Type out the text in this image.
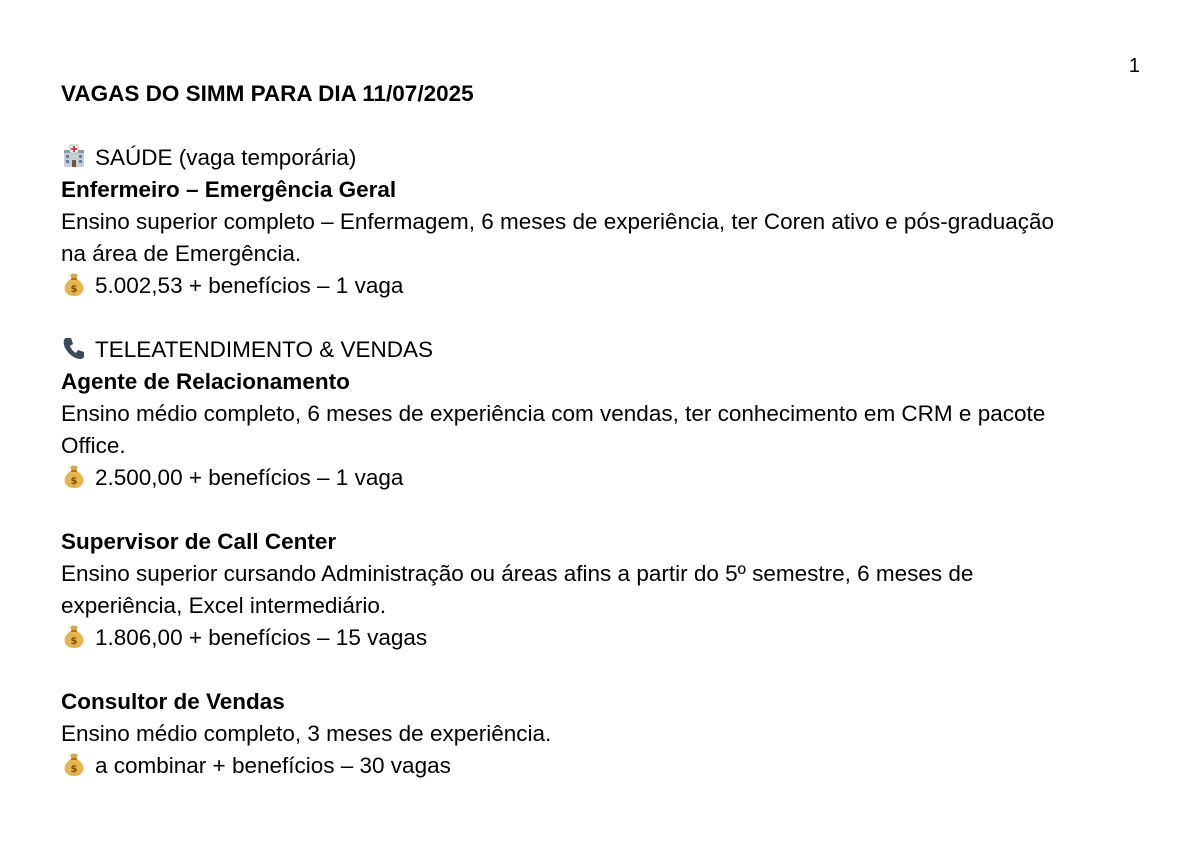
1

VAGAS DO SIMM PARA DIA 11/07/2025

SAÚDE (vaga temporária)

Enfermeiro – Emergência Geral

Ensino superior completo – Enfermagem, 6 meses de experiência, ter Coren ativo e pós-graduação

na área de Emergência.

$ 5.002,53 + benefícios – 1 vaga

TELEATENDIMENTO & VENDAS

Agente de Relacionamento

Ensino médio completo, 6 meses de experiência com vendas, ter conhecimento em CRM e pacote

Office.

$ 2.500,00 + benefícios – 1 vaga

Supervisor de Call Center

Ensino superior cursando Administração ou áreas afins a partir do 5º semestre, 6 meses de

experiência, Excel intermediário.

$ 1.806,00 + benefícios – 15 vagas

Consultor de Vendas

Ensino médio completo, 3 meses de experiência.

$ a combinar + benefícios – 30 vagas
